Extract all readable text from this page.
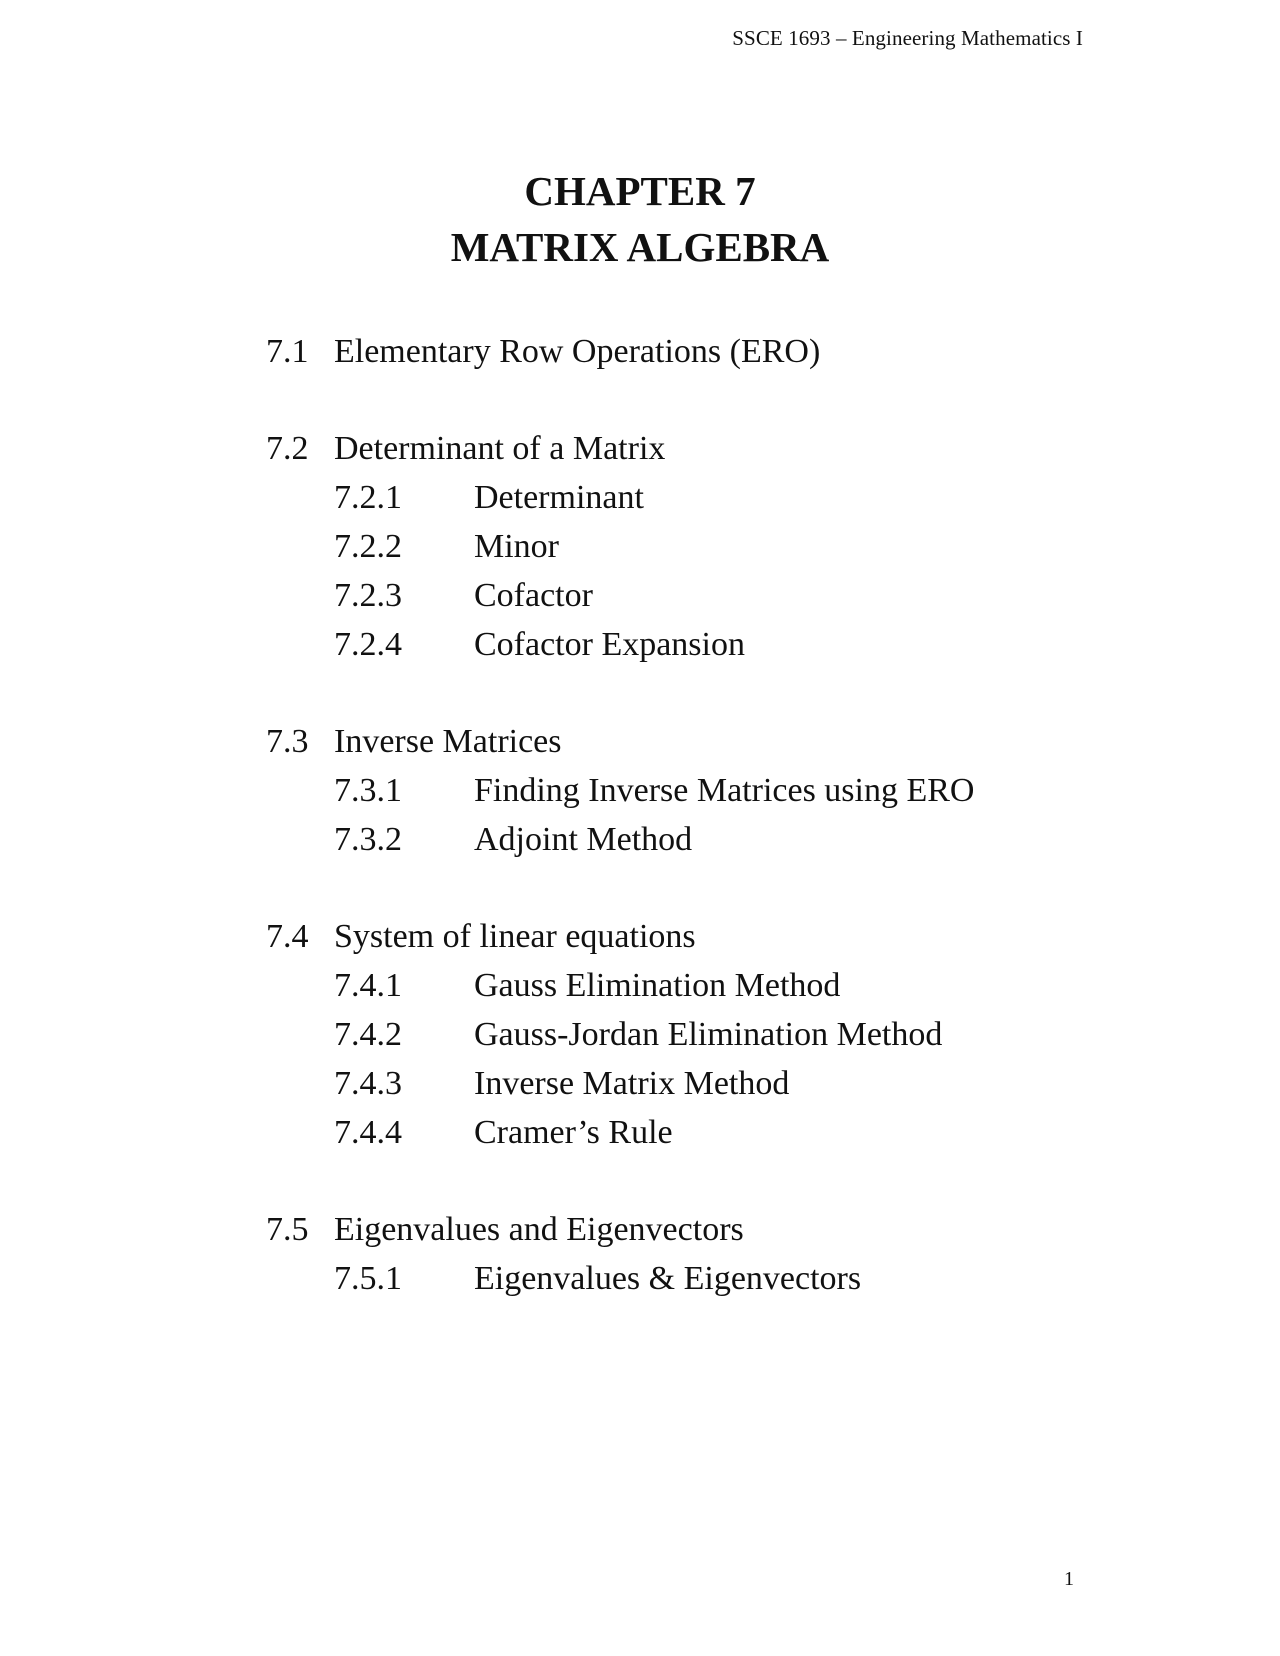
SSCE 1693 – Engineering Mathematics I
CHAPTER 7
MATRIX ALGEBRA
7.1 Elementary Row Operations (ERO)
7.2 Determinant of a Matrix
7.2.1 Determinant
7.2.2 Minor
7.2.3 Cofactor
7.2.4 Cofactor Expansion
7.3 Inverse Matrices
7.3.1 Finding Inverse Matrices using ERO
7.3.2 Adjoint Method
7.4 System of linear equations
7.4.1 Gauss Elimination Method
7.4.2 Gauss-Jordan Elimination Method
7.4.3 Inverse Matrix Method
7.4.4 Cramer’s Rule
7.5 Eigenvalues and Eigenvectors
7.5.1 Eigenvalues & Eigenvectors
1
